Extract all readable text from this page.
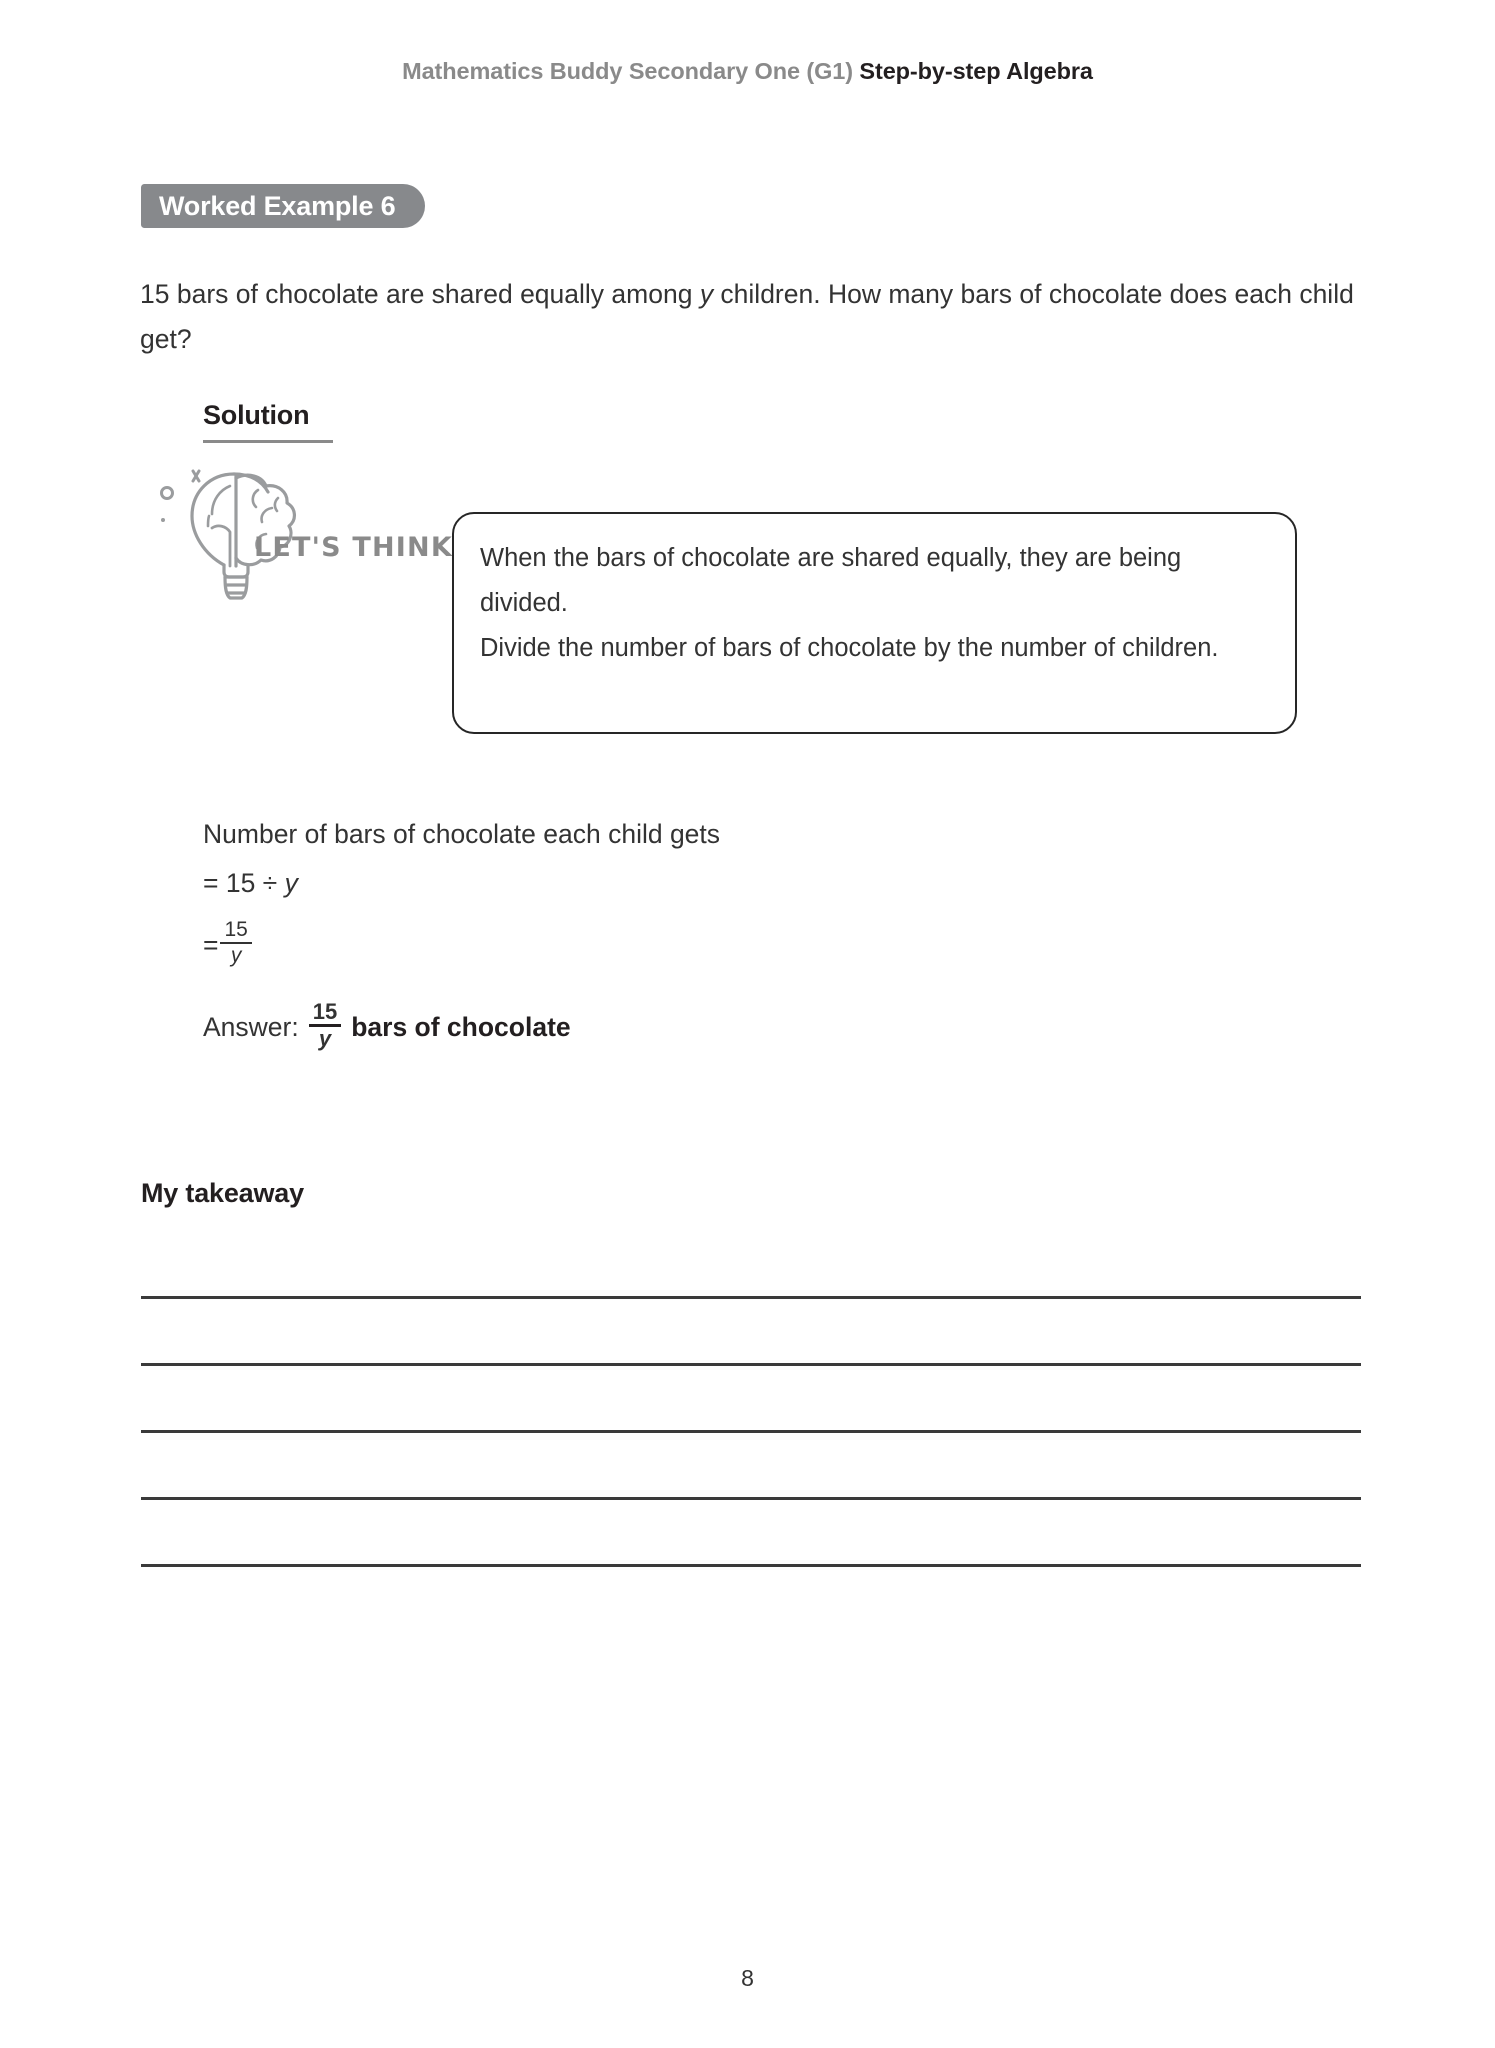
Mathematics Buddy Secondary One (G1) Step-by-step Algebra
Worked Example 6
15 bars of chocolate are shared equally among y children. How many bars of chocolate does each child get?
Solution
LET'S THINK When the bars of chocolate are shared equally, they are being divided.

Divide the number of bars of chocolate by the number of children.

Number of bars of chocolate each child gets
= 15 ÷ y
= $\frac{15}{y}$
Answer: $\frac{15}{y}$ bars of chocolate
My takeaway
8
